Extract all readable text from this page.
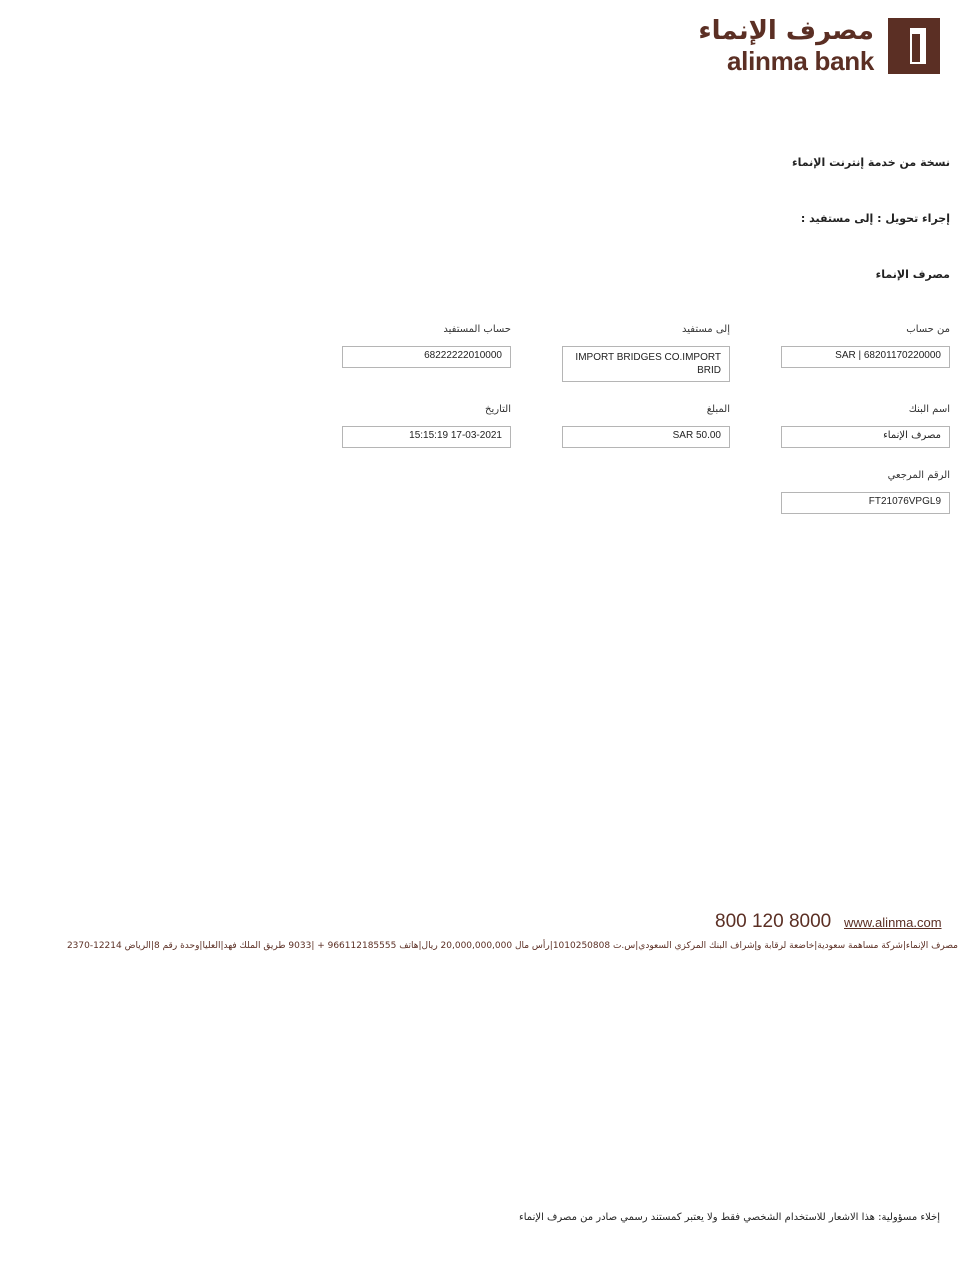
مصرف الإنماء
alinma bank
نسخة من خدمة إنترنت الإنماء
إجراء تحويل : إلى مستفيد :
مصرف الإنماء
من حساب
SAR | 68201170220000
إلى مستفيد
IMPORT BRIDGES CO.IMPORT BRID
حساب المستفيد
68222222010000
اسم البنك
مصرف الإنماء
المبلغ
SAR 50.00
التاريخ
15:15:19 17-03-2021
الرقم المرجعي
FT21076VPGL9
800 120 8000 www.alinma.com
مصرف الإنماء|شركة مساهمة سعودية|خاضعة لرقابة وإشراف البنك المركزي السعودي|س.ت 1010250808|رأس مال 20,000,000,000 ريال|هاتف 966112185555 + |9033 طريق الملك فهد|العليا|وحدة رقم 8|الرياض 12214-2370
إخلاء مسؤولية: هذا الاشعار للاستخدام الشخصي فقط ولا يعتبر كمستند رسمي صادر من مصرف الإنماء
